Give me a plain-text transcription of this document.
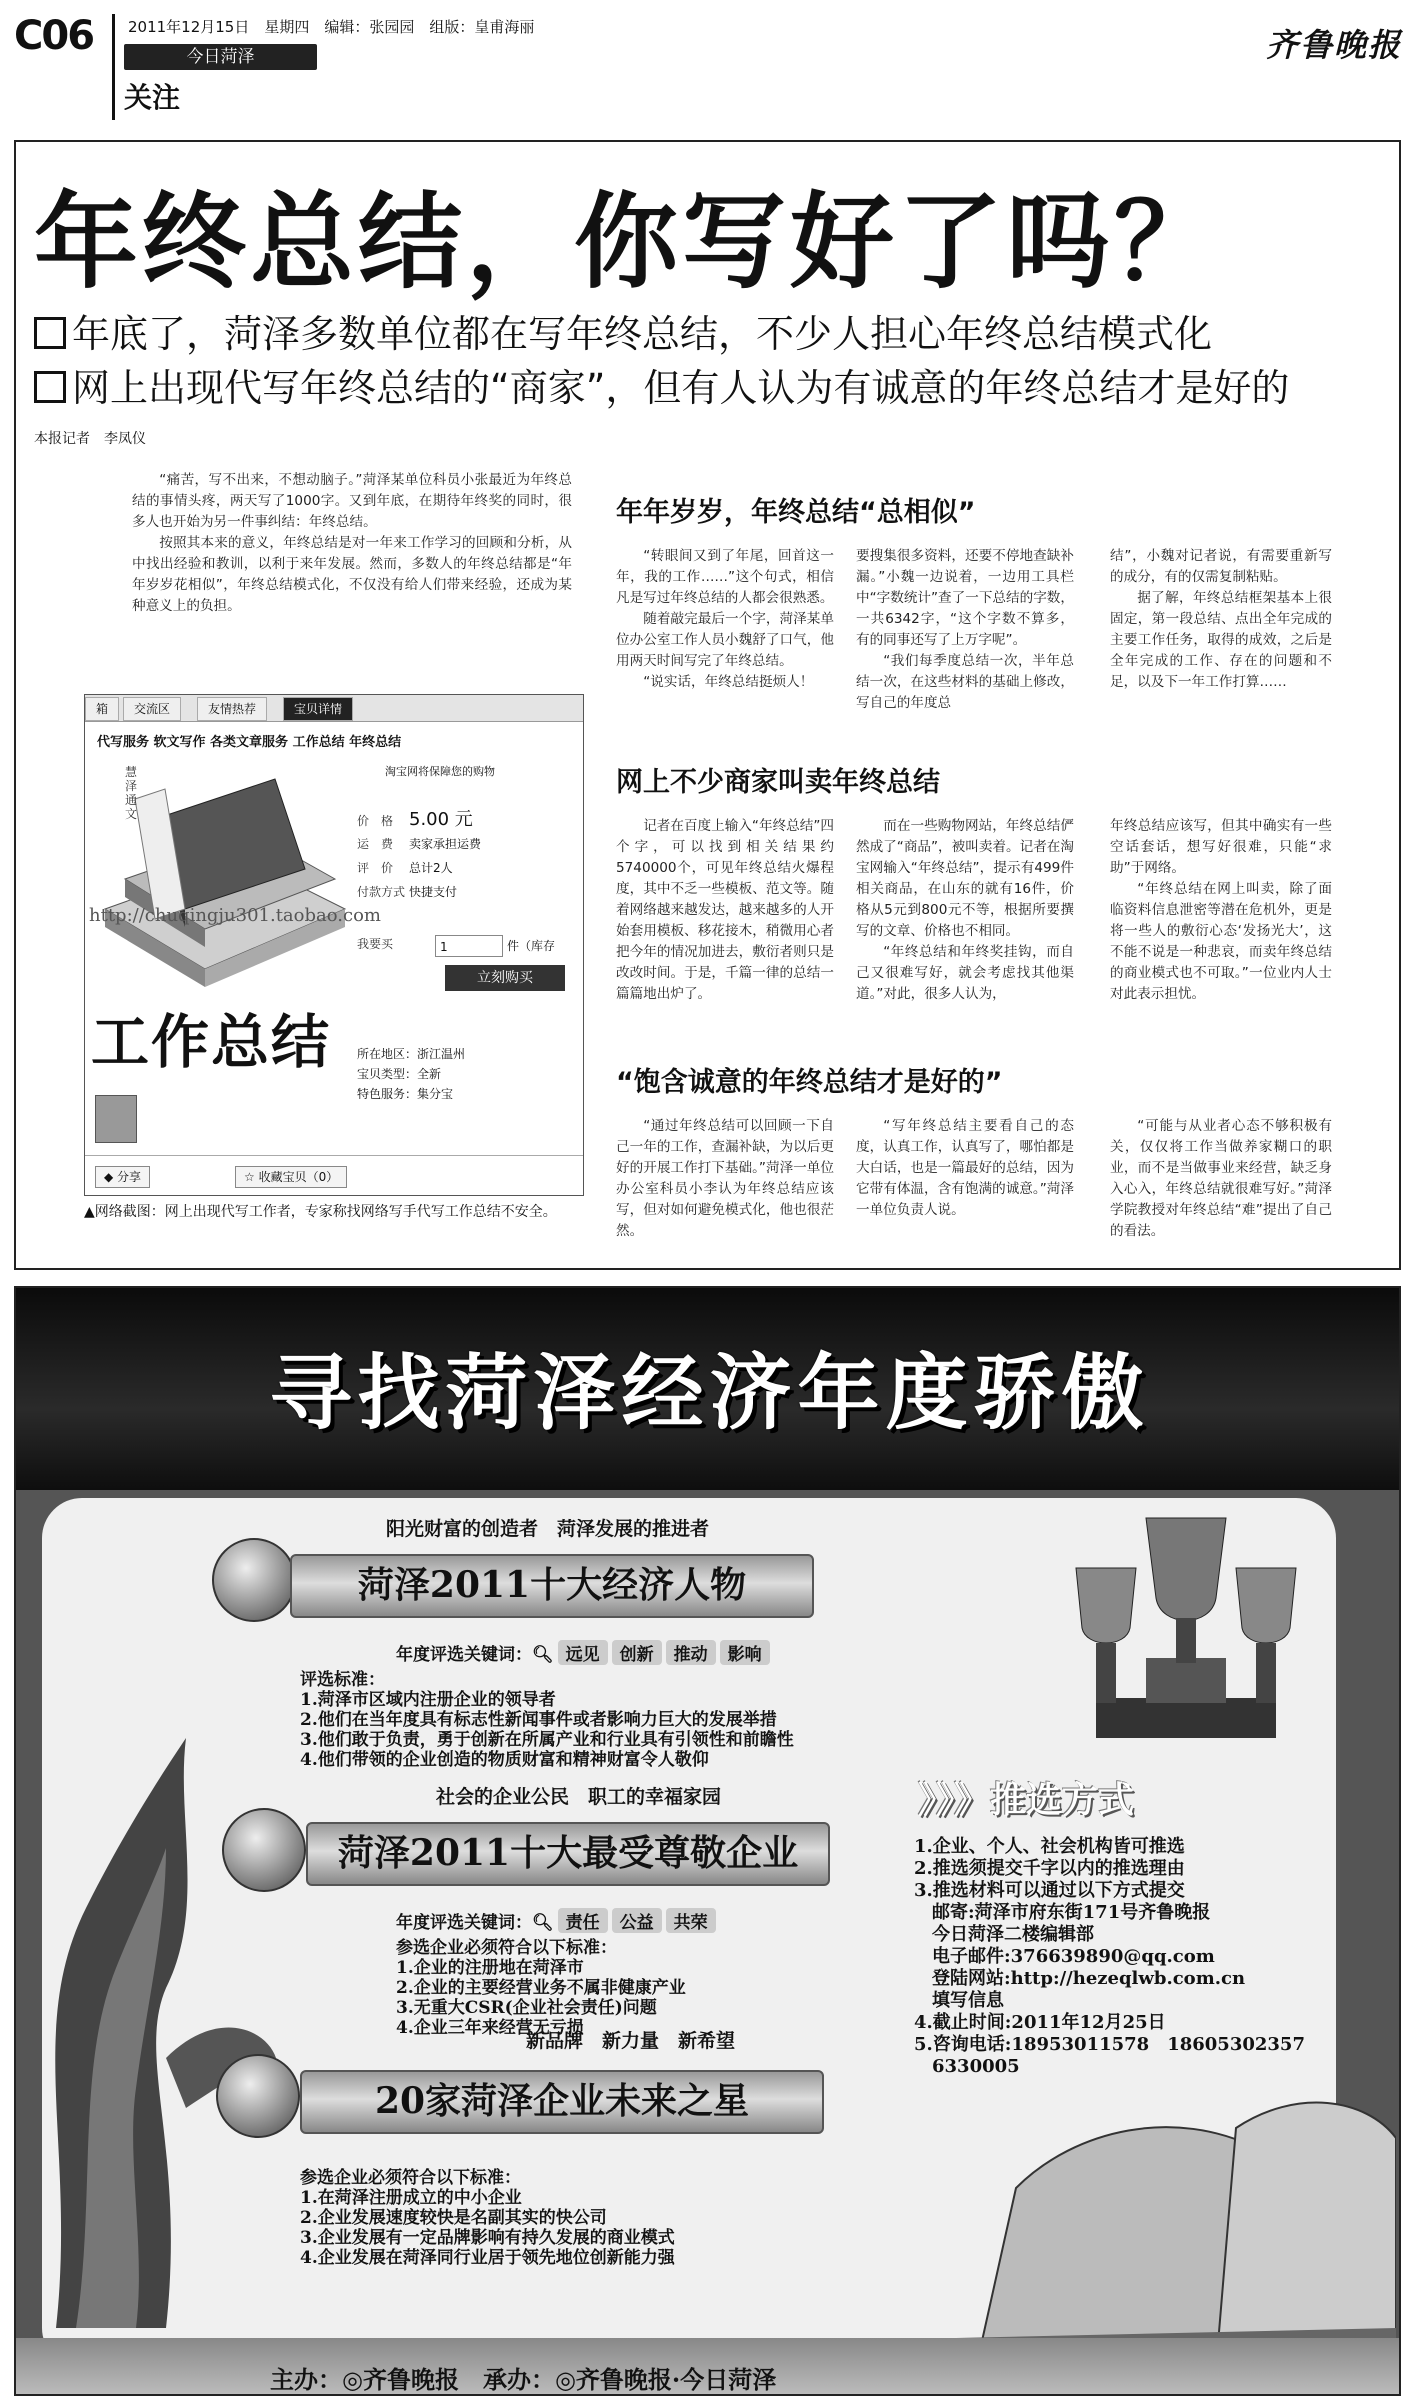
C06 2011年12月15日　星期四　编辑：张园园　组版：皇甫海丽
今日菏泽
关注
齐鲁晚报
年终总结，你写好了吗？
年底了，菏泽多数单位都在写年终总结，不少人担心年终总结模式化
网上出现代写年终总结的“商家”，但有人认为有诚意的年终总结才是好的
本报记者　李凤仪

“痛苦，写不出来，不想动脑子。”菏泽某单位科员小张最近为年终总结的事情头疼，两天写了1000字。又到年底，在期待年终奖的同时，很多人也开始为另一件事纠结：年终总结。

按照其本来的意义，年终总结是对一年来工作学习的回顾和分析，从中找出经验和教训，以利于来年发展。然而，多数人的年终总结都是“年年岁岁花相似”，年终总结模式化，不仅没有给人们带来经验，还成为某种意义上的负担。

箱	交流区	友情热荐	宝贝详情
代写服务 软文写作 各类文章服务 工作总结 年终总结
慧泽通文
http://chuqingju301.taobao.com
工作总结
淘宝网将保障您的购物
价　格 5.00 元
运　费 卖家承担运费
评　价 总计2人
付款方式 快捷支付
我要买	1	件（库存
立刻购买
所在地区：浙江温州
宝贝类型：全新
特色服务：集分宝
◆ 分享	☆ 收藏宝贝（0）
▲网络截图：网上出现代写工作者，专家称找网络写手代写工作总结不安全。
年年岁岁，年终总结“总相似”

“转眼间又到了年尾，回首这一年，我的工作……”这个句式，相信凡是写过年终总结的人都会很熟悉。

随着敲完最后一个字，菏泽某单位办公室工作人员小魏舒了口气，他用两天时间写完了年终总结。

“说实话，年终总结挺烦人！

要搜集很多资料，还要不停地查缺补漏。”小魏一边说着，一边用工具栏中“字数统计”查了一下总结的字数，一共6342字，“这个字数不算多，有的同事还写了上万字呢”。

“我们每季度总结一次，半年总结一次，在这些材料的基础上修改，写自己的年度总

结”，小魏对记者说，有需要重新写的成分，有的仅需复制粘贴。

据了解，年终总结框架基本上很固定，第一段总结、点出全年完成的主要工作任务，取得的成效，之后是全年完成的工作、存在的问题和不足，以及下一年工作打算……

网上不少商家叫卖年终总结

记者在百度上输入“年终总结”四个字，可以找到相关结果约5740000个，可见年终总结火爆程度，其中不乏一些模板、范文等。随着网络越来越发达，越来越多的人开始套用模板、移花接木，稍微用心者把今年的情况加进去，敷衍者则只是改改时间。于是，千篇一律的总结一篇篇地出炉了。

而在一些购物网站，年终总结俨然成了“商品”，被叫卖着。记者在淘宝网输入“年终总结”，提示有499件相关商品，在山东的就有16件，价格从5元到800元不等，根据所要撰写的文章、价格也不相同。

“年终总结和年终奖挂钩，而自己又很难写好，就会考虑找其他渠道。”对此，很多人认为，

年终总结应该写，但其中确实有一些空话套话，想写好很难，只能“求助”于网络。

“年终总结在网上叫卖，除了面临资料信息泄密等潜在危机外，更是将一些人的敷衍心态‘发扬光大’，这不能不说是一种悲哀，而卖年终总结的商业模式也不可取。”一位业内人士对此表示担忧。

“饱含诚意的年终总结才是好的”

“通过年终总结可以回顾一下自己一年的工作，查漏补缺，为以后更好的开展工作打下基础。”菏泽一单位办公室科员小李认为年终总结应该写，但对如何避免模式化，他也很茫然。

“写年终总结主要看自己的态度，认真工作，认真写了，哪怕都是大白话，也是一篇最好的总结，因为它带有体温，含有饱满的诚意。”菏泽一单位负责人说。

“可能与从业者心态不够积极有关，仅仅将工作当做养家糊口的职业，而不是当做事业来经营，缺乏身入心入，年终总结就很难写好。”菏泽学院教授对年终总结“难”提出了自己的看法。

寻找菏泽经济年度骄傲
阳光财富的创造者　菏泽发展的推进者
菏泽2011十大经济人物
年度评选关键词：🔍︎ 远见 创新 推动 影响
评选标准：
1.菏泽市区域内注册企业的领导者
2.他们在当年度具有标志性新闻事件或者影响力巨大的发展举措
3.他们敢于负责，勇于创新在所属产业和行业具有引领性和前瞻性
4.他们带领的企业创造的物质财富和精神财富令人敬仰
社会的企业公民　职工的幸福家园
菏泽2011十大最受尊敬企业
年度评选关键词：🔍︎ 责任 公益 共荣
参选企业必须符合以下标准：
1.企业的注册地在菏泽市
2.企业的主要经营业务不属非健康产业
3.无重大CSR(企业社会责任)问题
4.企业三年来经营无亏损
新品牌　新力量　新希望
20家菏泽企业未来之星
参选企业必须符合以下标准：
1.在菏泽注册成立的中小企业
2.企业发展速度较快是名副其实的快公司
3.企业发展有一定品牌影响有持久发展的商业模式
4.企业发展在菏泽同行业居于领先地位创新能力强
》》》推选方式
1.企业、个人、社会机构皆可推选
2.推选须提交千字以内的推选理由
3.推选材料可以通过以下方式提交
　邮寄:菏泽市府东街171号齐鲁晚报
　今日菏泽二楼编辑部
　电子邮件:376639890@qq.com
　登陆网站:http://hezeqlwb.com.cn
　填写信息
4.截止时间:2011年12月25日
5.咨询电话:18953011578　18605302357
　6330005
主办：◎齐鲁晚报　承办：◎齐鲁晚报·今日菏泽
